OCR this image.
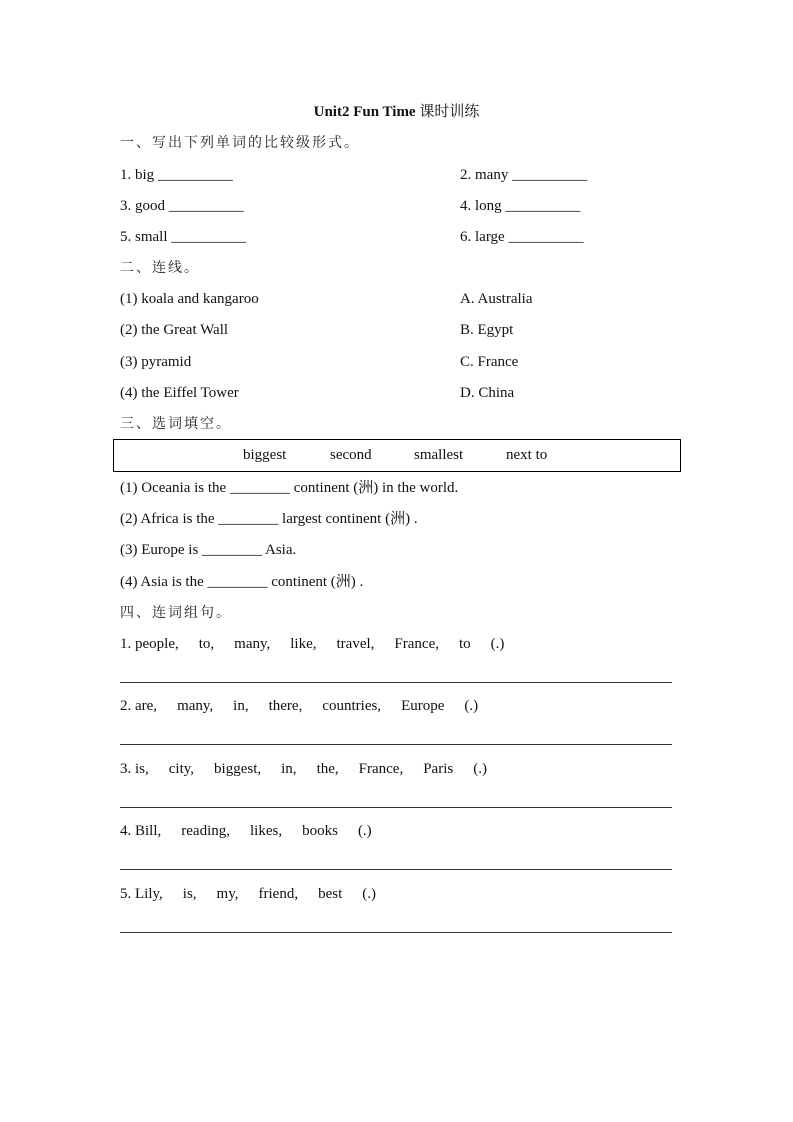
Unit2 Fun Time 课时训练
一、写出下列单词的比较级形式。
1. big __________	2. many __________
3. good __________	4. long __________
5. small __________	6. large __________
二、连线。
(1) koala and kangaroo	A. Australia
(2) the Great Wall	B. Egypt
(3) pyramid	C. France
(4) the Eiffel Tower	D. China
三、选词填空。
biggest	second	smallest	next to
(1) Oceania is the ________ continent (洲) in the world.
(2) Africa is the ________ largest continent (洲) .
(3) Europe is ________ Asia.
(4) Asia is the ________ continent (洲) .
四、连词组句。
1. people, to, many, like, travel, France, to (.)
2. are, many, in, there, countries, Europe (.)
3. is, city, biggest, in, the, France, Paris (.)
4. Bill, reading, likes, books (.)
5. Lily, is, my, friend, best (.)
